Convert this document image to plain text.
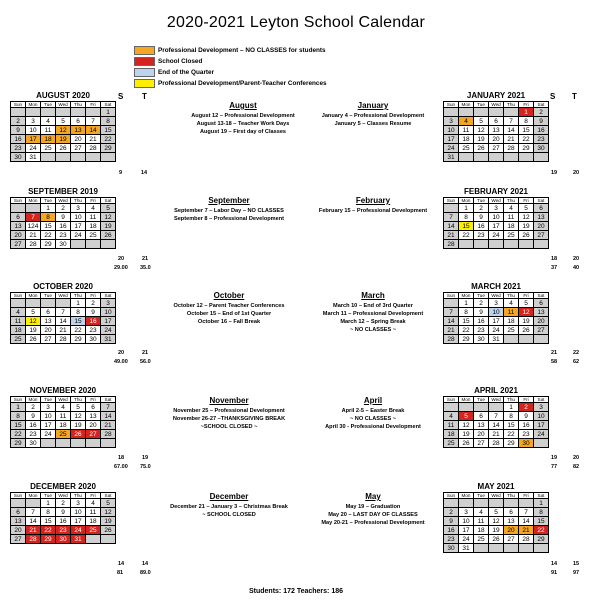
2020-2021 Leyton School Calendar
Professional Development – NO CLASSES for students
School Closed
End of the Quarter
Professional Development/Parent-Teacher Conferences
S T	S T
AUGUST 2020
Sun	Mon	Tue	Wed	Thu	Fri	Sat
						1
2	3	4	5	6	7	8
9	10	11	12	13	14	15
16	17	18	19	20	21	22
23	24	25	26	27	28	29
30	31					
SEPTEMBER 2019
Sun	Mon	Tue	Wed	Thu	Fri	Sat
		1	2	3	4	5
6	7	8	9	10	11	12
13	124	15	16	17	18	19
20	21	22	23	24	25	26
27	28	29	30			
OCTOBER 2020
Sun	Mon	Tue	Wed	Thu	Fri	Sat
				1	2	3
4	5	6	7	8	9	10
11	12	13	14	15	16	17
18	19	20	21	22	23	24
25	26	27	28	29	30	31
NOVEMBER 2020
Sun	Mon	Tue	Wed	Thu	Fri	Sat
1	2	3	4	5	6	7
8	9	10	11	12	13	14
15	16	17	18	19	20	21
22	23	24	25	26	27	28
29	30					
DECEMBER 2020
Sun	Mon	Tue	Wed	Thu	Fri	Sat
		1	2	3	4	5
6	7	8	9	10	11	12
13	14	15	16	17	18	19
20	21	22	23	24	25	26
27	28	29	30	31		
JANUARY 2021
Sun	Mon	Tue	Wed	Thu	Fri	Sat
					1	2
3	4	5	6	7	8	9
10	11	12	13	14	15	16
17	18	19	20	21	22	23
24	25	26	27	28	29	30
31						
FEBRUARY 2021
Sun	Mon	Tue	Wed	Thu	Fri	Sat
	1	2	3	4	5	6
7	8	9	10	11	12	13
14	15	16	17	18	19	20
21	22	23	24	25	26	27
28						
MARCH 2021
Sun	Mon	Tue	Wed	Thu	Fri	Sat
	1	2	3	4	5	6
7	8	9	10	11	12	13
14	15	16	17	18	19	20
21	22	23	24	25	26	27
28	29	30	31			
APRIL 2021
Sun	Mon	Tue	Wed	Thu	Fri	Sat
				1	2	3
4	5	6	7	8	9	10
11	12	13	14	15	16	17
18	19	20	21	22	23	24
25	26	27	28	29	30	
MAY 2021
Sun	Mon	Tue	Wed	Thu	Fri	Sat
						1
2	3	4	5	6	7	8
9	10	11	12	13	14	15
16	17	18	19	20	21	22
23	24	25	26	27	28	29
30	31					
9	14
20	21
29.00 35.0
20	21
49.00 56.0
18	19
67.00 75.0
14	14
81	89.0
19	20
18	20
37	40
21	22
58	62
19	20
77	82
14	15
91	97
August
August 12 – Professional Development
August 13-18 – Teacher Work Days
August 19 – First day of Classes
January
January 4 – Professional Development
January 5 – Classes Resume
September
September 7 – Labor Day – NO CLASSES
September 8 – Professional Development
February
February 15 – Professional Development
October
October 12 – Parent Teacher Conferences
October 15 – End of 1st Quarter
October 16 – Fall Break
March
March 10 – End of 3rd Quarter
March 11 – Professional Development
March 12 – Spring Break
~ NO CLASSES ~
November
November 25 – Professional Development
November 26-27 –THANKSGIVING BREAK
~SCHOOL CLOSED ~
April
April 2-5 – Easter Break
~ NO CLASSES ~
April 30 - Professional Development
December
December 21 – January 3 – Christmas Break
~ SCHOOL CLOSED
May
May 19 – Graduation
May 20 – LAST DAY OF CLASSES
May 20-21 – Professional Development
Students: 172 Teachers: 186
